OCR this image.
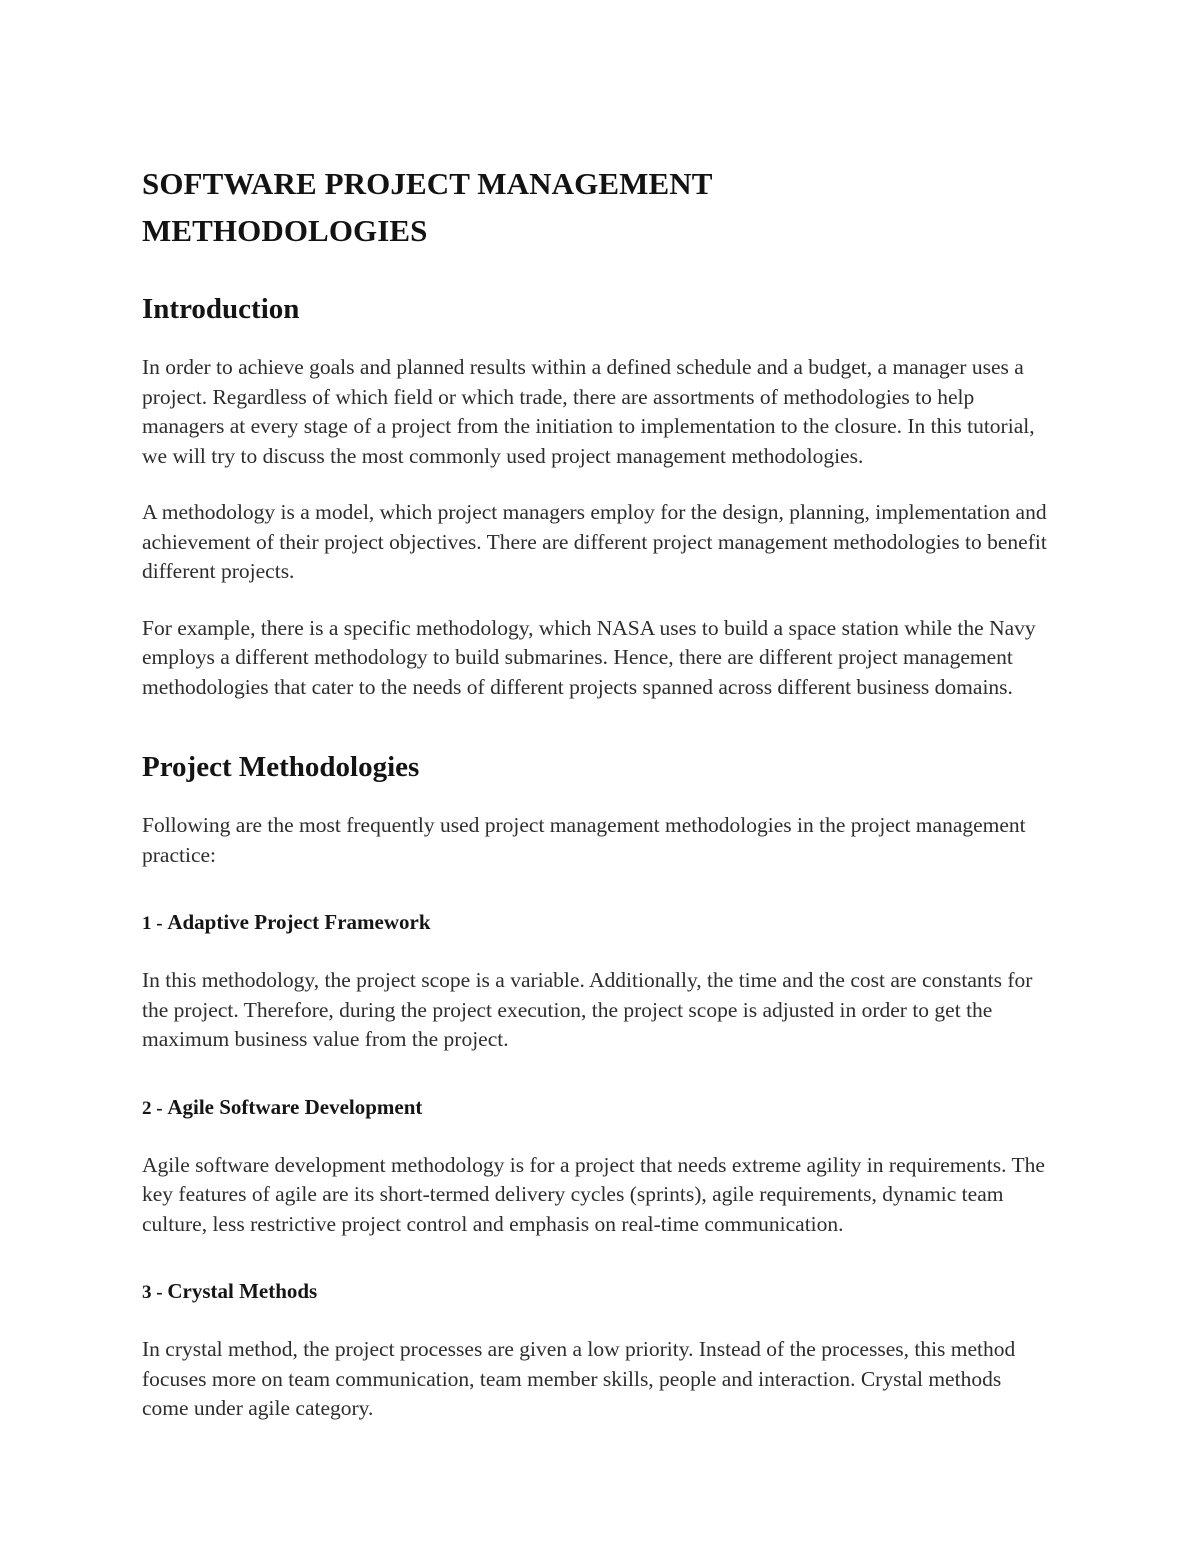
SOFTWARE PROJECT MANAGEMENT METHODOLOGIES
Introduction

In order to achieve goals and planned results within a defined schedule and a budget, a manager uses a project. Regardless of which field or which trade, there are assortments of methodologies to help managers at every stage of a project from the initiation to implementation to the closure. In this tutorial, we will try to discuss the most commonly used project management methodologies.

A methodology is a model, which project managers employ for the design, planning, implementation and achievement of their project objectives. There are different project management methodologies to benefit different projects.

For example, there is a specific methodology, which NASA uses to build a space station while the Navy employs a different methodology to build submarines. Hence, there are different project management methodologies that cater to the needs of different projects spanned across different business domains.

Project Methodologies

Following are the most frequently used project management methodologies in the project management practice:

1 - Adaptive Project Framework

In this methodology, the project scope is a variable. Additionally, the time and the cost are constants for the project. Therefore, during the project execution, the project scope is adjusted in order to get the maximum business value from the project.

2 - Agile Software Development

Agile software development methodology is for a project that needs extreme agility in requirements. The key features of agile are its short-termed delivery cycles (sprints), agile requirements, dynamic team culture, less restrictive project control and emphasis on real-time communication.

3 - Crystal Methods

In crystal method, the project processes are given a low priority. Instead of the processes, this method focuses more on team communication, team member skills, people and interaction. Crystal methods come under agile category.
